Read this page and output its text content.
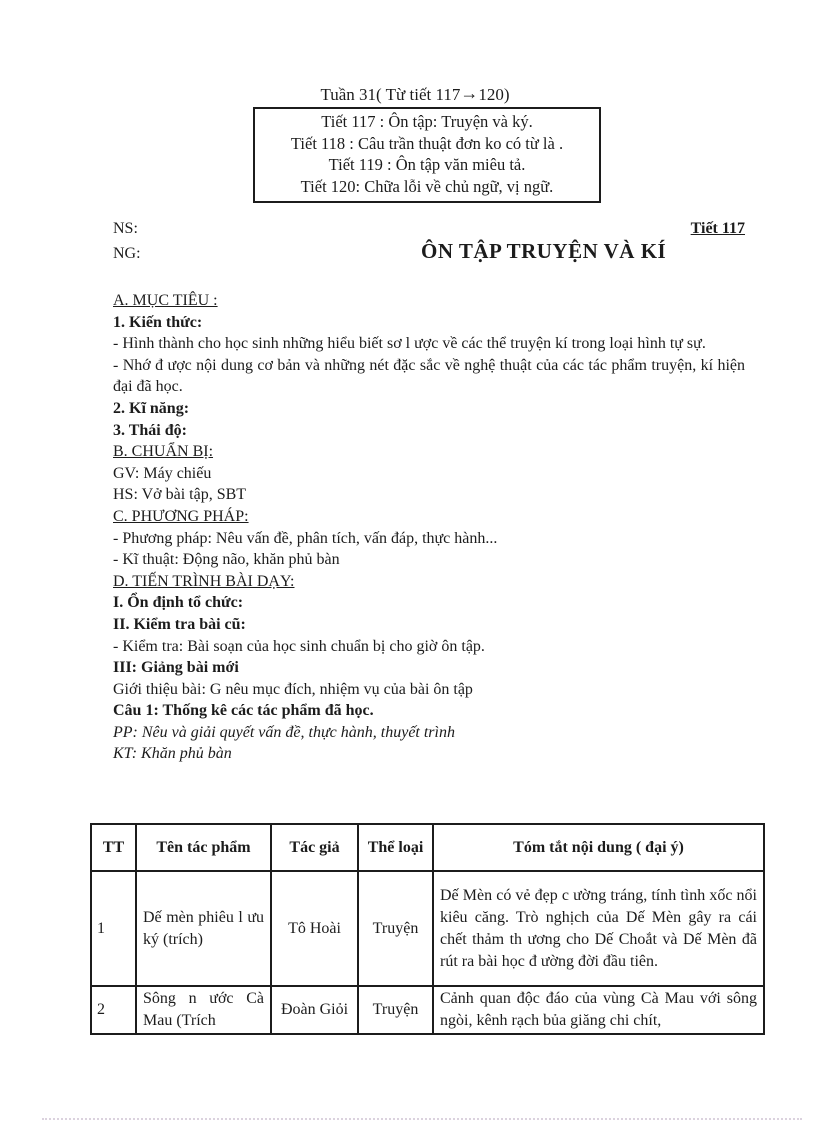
Tuần 31( Từ tiết 117→120)
Tiết 117 : Ôn tập: Truyện và ký.
Tiết 118 : Câu trần thuật đơn ko có từ là .
Tiết 119 : Ôn tập văn miêu tả.
Tiết 120: Chữa lỗi về chủ ngữ, vị ngữ.
NS:	Tiết 117
NG:	ÔN TẬP TRUYỆN VÀ KÍ

A. MỤC TIÊU :

1. Kiến thức:

- Hình thành cho học sinh những hiểu biết sơ l ược về các thể truyện kí trong loại hình tự sự.

- Nhớ đ ược nội dung cơ bản và những nét đặc sắc về nghệ thuật của các tác phẩm truyện, kí hiện đại đã học.

2. Kĩ năng:

3. Thái độ:

B. CHUẨN BỊ:

GV: Máy chiếu

HS: Vở bài tập, SBT

C. PHƯƠNG PHÁP:

- Phương pháp: Nêu vấn đề, phân tích, vấn đáp, thực hành...

- Kĩ thuật: Động não, khăn phủ bàn

D. TIẾN TRÌNH BÀI DẠY:

I. Ổn định tổ chức:

II. Kiểm tra bài cũ:

- Kiểm tra: Bài soạn của học sinh chuẩn bị cho giờ ôn tập.

III: Giảng bài mới

Giới thiệu bài: G nêu mục đích, nhiệm vụ của bài ôn tập

Câu 1: Thống kê các tác phẩm đã học.

PP: Nêu và giải quyết vấn đề, thực hành, thuyết trình

KT: Khăn phủ bàn

TT	Tên tác phẩm	Tác giả	Thể loại	Tóm tắt nội dung ( đại ý)
1	Dế mèn phiêu l ưu ký (trích)	Tô Hoài	Truyện	Dế Mèn có vẻ đẹp c ường tráng, tính tình xốc nổi kiêu căng. Trò nghịch của Dế Mèn gây ra cái chết thảm th ương cho Dế Choắt và Dế Mèn đã rút ra bài học đ ường đời đầu tiên.
2	Sông n ước Cà Mau (Trích	Đoàn Giỏi	Truyện	Cảnh quan độc đáo của vùng Cà Mau với sông ngòi, kênh rạch bủa giăng chi chít,
